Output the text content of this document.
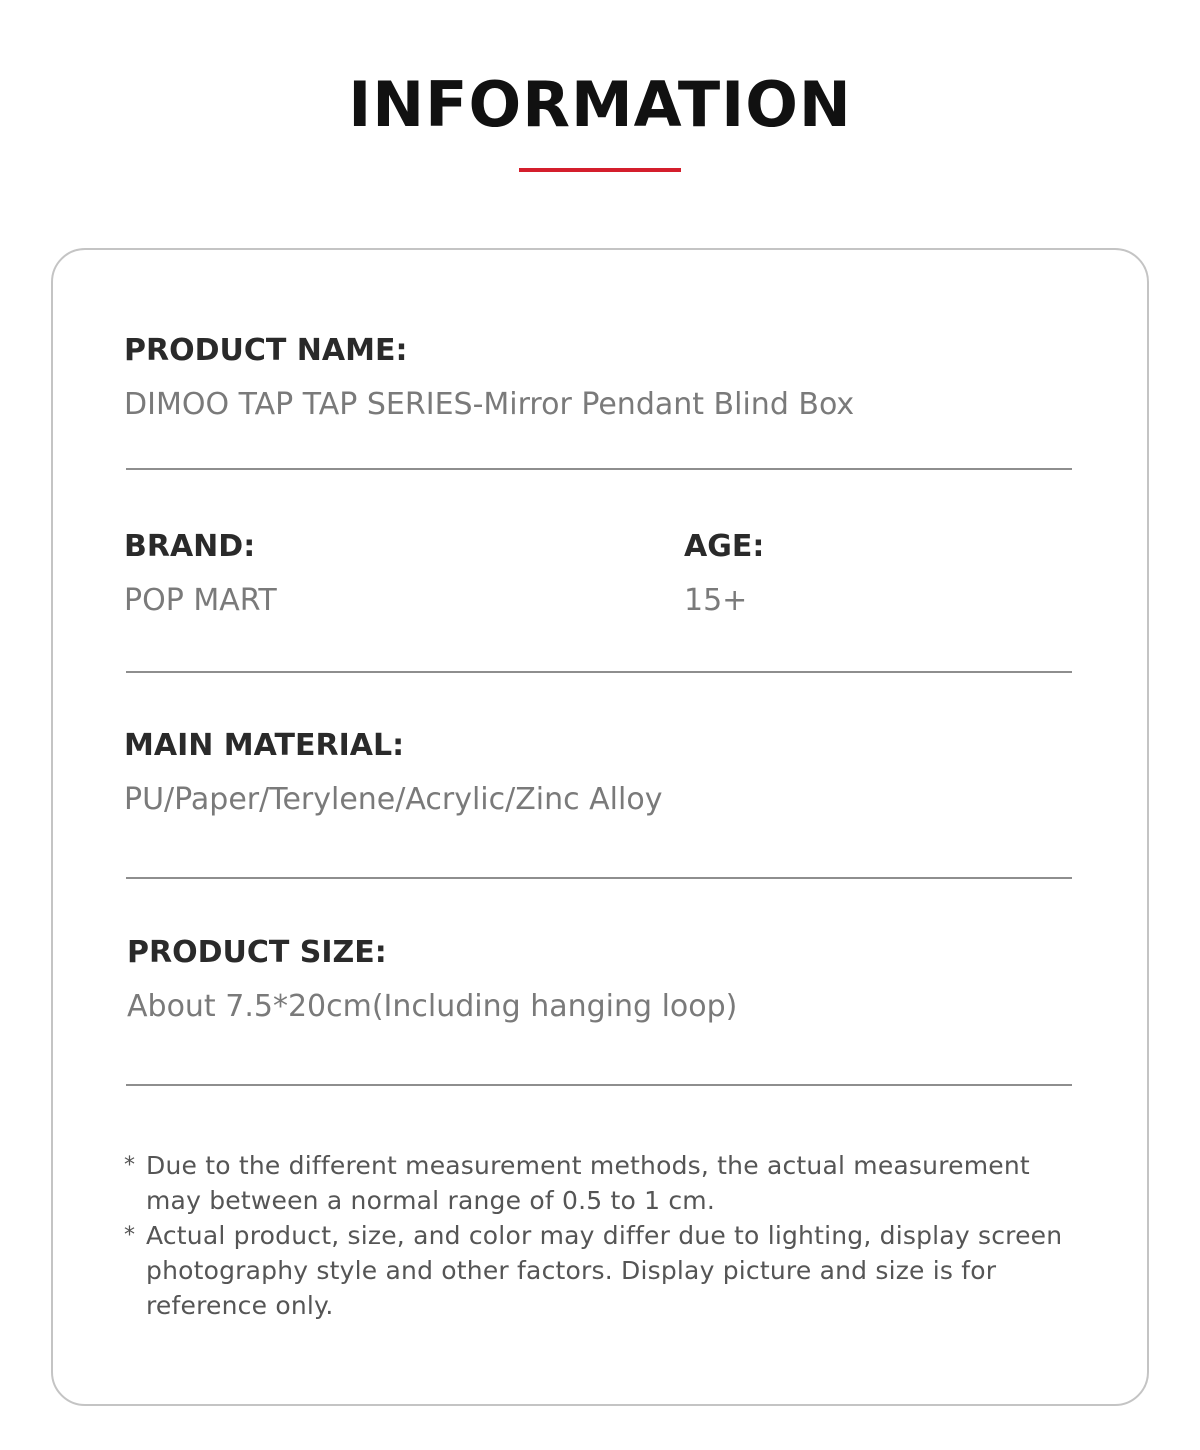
INFORMATION
PRODUCT NAME:
DIMOO TAP TAP SERIES-Mirror Pendant Blind Box
BRAND:
POP MART
AGE:
15+
MAIN MATERIAL:
PU/Paper/Terylene/Acrylic/Zinc Alloy
PRODUCT SIZE:
About 7.5*20cm(Including hanging loop)
* Due to the different measurement methods, the actual measurement may between a normal range of 0.5 to 1 cm.
* Actual product, size, and color may differ due to lighting, display screen photography style and other factors. Display picture and size is for reference only.
